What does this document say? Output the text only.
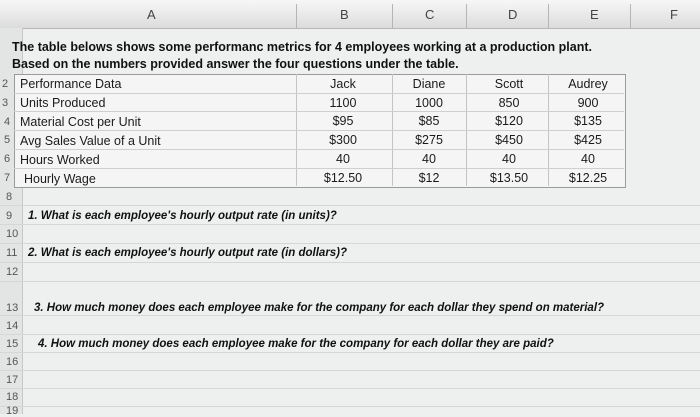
A	B	C	D	E	F
The table belows shows some performanc metrics for 4 employees working at a production plant.
Based on the numbers provided answer the four questions under the table.
2
3
4
5
6
7
Performance Data	Jack	Diane	Scott	Audrey
Units Produced	1100	1000	850	900
Material Cost per Unit	$95	$85	$120	$135
Avg Sales Value of a Unit	$300	$275	$450	$425
Hours Worked	40	40	40	40
Hourly Wage	$12.50	$12	$13.50	$12.25
8
9
10
11
12
13
14
15
16
17
18
19
1. What is each employee's hourly output rate (in units)?
2. What is each employee's hourly output rate (in dollars)?
3. How much money does each employee make for the company for each dollar they spend on material?
4. How much money does each employee make for the company for each dollar they are paid?
